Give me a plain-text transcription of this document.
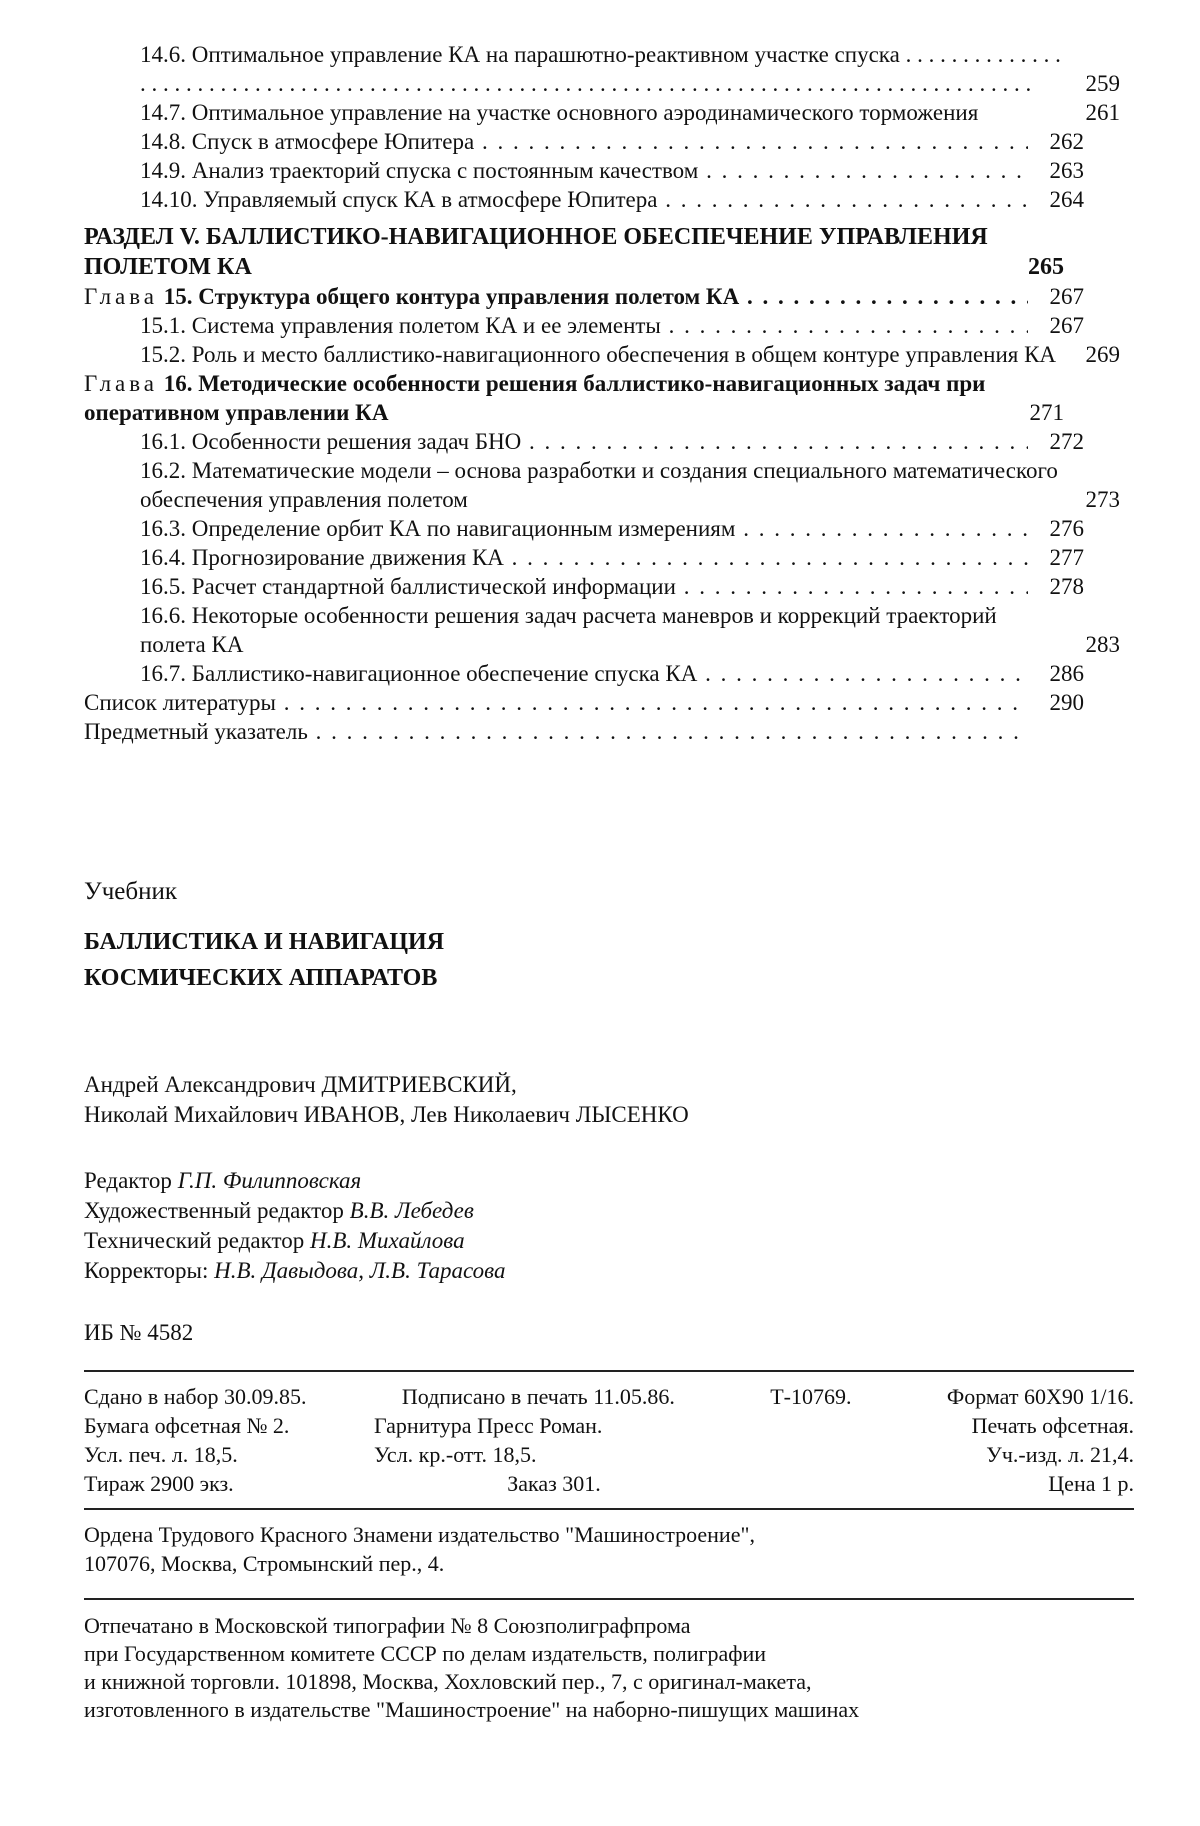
14.6. Оптимальное управление КА на парашютно-реактивном участке спуска . . . . . . . . . . . . . . . . . . . . . . . . . . . . . . . . . . . . . . . . . . . . . . . . . . . . . . . . . . . . . . . . . . . . . . . . . . . . . . . . . . . . . . . . . . . .	259
14.7. Оптимальное управление на участке основного аэродинамического торможения	261
14.8. Спуск в атмосфере Юпитера . . .	262
14.9. Анализ траекторий спуска с постоянным качеством . . .	263
14.10. Управляемый спуск КА в атмосфере Юпитера . . .	264
РАЗДЕЛ V. БАЛЛИСТИКО-НАВИГАЦИОННОЕ ОБЕСПЕЧЕНИЕ УПРАВЛЕНИЯ ПОЛЕТОМ КА	265
Глава 15. Структура общего контура управления полетом КА . . .	267
15.1. Система управления полетом КА и ее элементы . . .	267
15.2. Роль и место баллистико-навигационного обеспечения в общем контуре управления КА	269
Глава 16. Методические особенности решения баллистико-навигационных задач при оперативном управлении КА	271
16.1. Особенности решения задач БНО . . .	272
16.2. Математические модели – основа разработки и создания специального математического обеспечения управления полетом	273
16.3. Определение орбит КА по навигационным измерениям . . .	276
16.4. Прогнозирование движения КА . . .	277
16.5. Расчет стандартной баллистической информации . . .	278
16.6. Некоторые особенности решения задач расчета маневров и коррекций траекторий полета КА	283
16.7. Баллистико-навигационное обеспечение спуска КА . . .	286
Список литературы . . .	290
Предметный указатель . . .
Учебник
БАЛЛИСТИКА И НАВИГАЦИЯ
КОСМИЧЕСКИХ АППАРАТОВ
Андрей Александрович ДМИТРИЕВСКИЙ,
Николай Михайлович ИВАНОВ, Лев Николаевич ЛЫСЕНКО
Редактор Г.П. Филипповская
Художественный редактор В.В. Лебедев
Технический редактор Н.В. Михайлова
Корректоры: Н.В. Давыдова, Л.В. Тарасова
ИБ № 4582
Сдано в набор 30.09.85.	Подписано в печать 11.05.86.	Т-10769.	Формат 60Х90 1/16.
Бумага офсетная № 2.	Гарнитура Пресс Роман.	Печать офсетная.
Усл. печ. л. 18,5.	Усл. кр.-отт. 18,5.	Уч.-изд. л. 21,4.
Тираж 2900 экз.	Заказ 301.	Цена 1 р.
Ордена Трудового Красного Знамени издательство "Машиностроение",
107076, Москва, Стромынский пер., 4.
Отпечатано в Московской типографии № 8 Союзполиграфпрома
при Государственном комитете СССР по делам издательств, полиграфии
и книжной торговли. 101898, Москва, Хохловский пер., 7, с оригинал-макета,
изготовленного в издательстве "Машиностроение" на наборно-пишущих машинах
